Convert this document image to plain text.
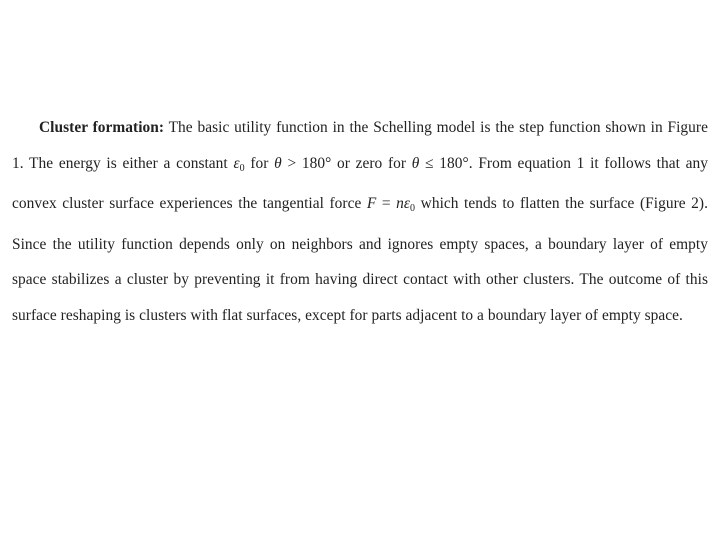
Cluster formation: The basic utility function in the Schelling model is the step function shown in Figure 1. The energy is either a constant $\varepsilon_0$ for θ > 180° or zero for θ ≤ 180°. From equation 1 it follows that any convex cluster surface experiences the tangential force $F = n\varepsilon_0$ which tends to flatten the surface (Figure 2). Since the utility function depends only on neighbors and ignores empty spaces, a boundary layer of empty space stabilizes a cluster by preventing it from having direct contact with other clusters. The outcome of this surface reshaping is clusters with flat surfaces, except for parts adjacent to a boundary layer of empty space.
